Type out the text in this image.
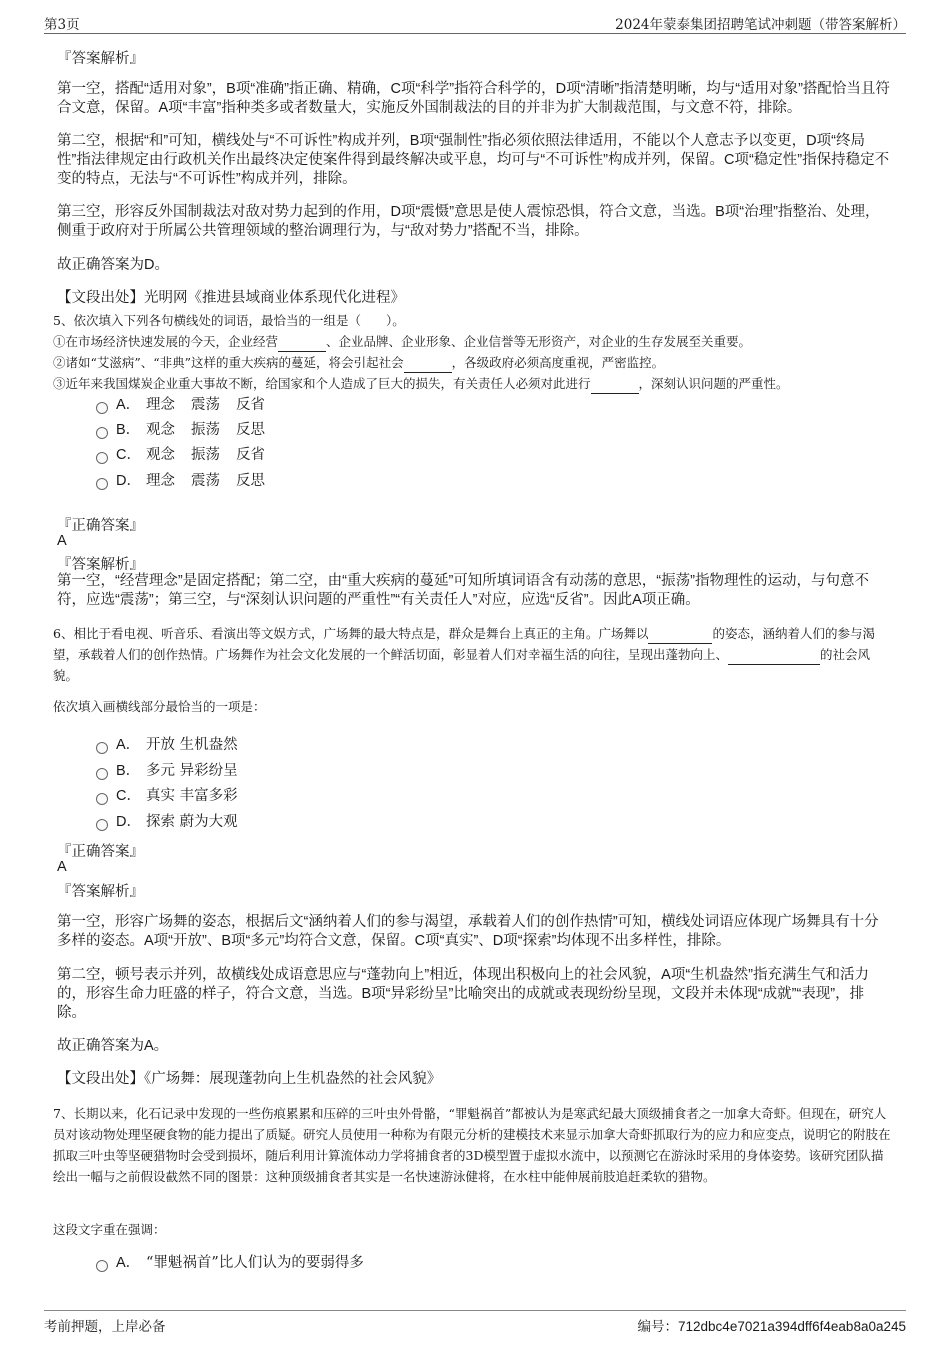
第3页	2024年蒙泰集团招聘笔试冲刺题（带答案解析）
『答案解析』
第一空，搭配“适用对象”，B项“准确”指正确、精确，C项“科学”指符合科学的，D项“清晰”指清楚明晰，均与“适用对象”搭配恰当且符合文意，保留。A项“丰富”指种类多或者数量大，实施反外国制裁法的目的并非为扩大制裁范围，与文意不符，排除。
第二空，根据“和”可知，横线处与“不可诉性”构成并列，B项“强制性”指必须依照法律适用，不能以个人意志予以变更，D项“终局性”指法律规定由行政机关作出最终决定使案件得到最终解决或平息，均可与“不可诉性”构成并列，保留。C项“稳定性”指保持稳定不变的特点，无法与“不可诉性”构成并列，排除。
第三空，形容反外国制裁法对敌对势力起到的作用，D项“震慑”意思是使人震惊恐惧，符合文意，当选。B项“治理”指整治、处理，侧重于政府对于所属公共管理领域的整治调理行为，与“敌对势力”搭配不当，排除。
故正确答案为D。
【文段出处】光明网《推进县域商业体系现代化进程》
5、依次填入下列各句横线处的词语，最恰当的一组是（　　）。
①在市场经济快速发展的今天，企业经营	、企业品牌、企业形象、企业信誉等无形资产，对企业的生存发展至关重要。
②诸如“艾滋病”、“非典”这样的重大疾病的蔓延，将会引起社会	，各级政府必须高度重视，严密监控。
③近年来我国煤炭企业重大事故不断，给国家和个人造成了巨大的损失，有关责任人必须对此进行	，深刻认识问题的严重性。
A． 理念 震荡 反省
B． 观念 振荡 反思
C． 观念 振荡 反省
D． 理念 震荡 反思
『正确答案』
A
『答案解析』
第一空，“经营理念”是固定搭配；第二空，由“重大疾病的蔓延”可知所填词语含有动荡的意思，“振荡”指物理性的运动，与句意不符，应选“震荡”；第三空，与“深刻认识问题的严重性”“有关责任人”对应，应选“反省”。因此A项正确。
6、相比于看电视、听音乐、看演出等文娱方式，广场舞的最大特点是，群众是舞台上真正的主角。广场舞以	的姿态，涵纳着人们的参与渴望，承载着人们的创作热情。广场舞作为社会文化发展的一个鲜活切面，彰显着人们对幸福生活的向往，呈现出蓬勃向上、	的社会风貌。
依次填入画横线部分最恰当的一项是：
A． 开放 生机盎然
B． 多元 异彩纷呈
C． 真实 丰富多彩
D． 探索 蔚为大观
『正确答案』
A
『答案解析』
第一空，形容广场舞的姿态，根据后文“涵纳着人们的参与渴望，承载着人们的创作热情”可知，横线处词语应体现广场舞具有十分多样的姿态。A项“开放”、B项“多元”均符合文意，保留。C项“真实”、D项“探索”均体现不出多样性，排除。
第二空，顿号表示并列，故横线处成语意思应与“蓬勃向上”相近，体现出积极向上的社会风貌，A项“生机盎然”指充满生气和活力的，形容生命力旺盛的样子，符合文意，当选。B项“异彩纷呈”比喻突出的成就或表现纷纷呈现，文段并未体现“成就”“表现”，排除。
故正确答案为A。
【文段出处】《广场舞：展现蓬勃向上生机盎然的社会风貌》
7、长期以来，化石记录中发现的一些伤痕累累和压碎的三叶虫外骨骼，“罪魁祸首”都被认为是寒武纪最大顶级捕食者之一加拿大奇虾。但现在，研究人员对该动物处理坚硬食物的能力提出了质疑。研究人员使用一种称为有限元分析的建模技术来显示加拿大奇虾抓取行为的应力和应变点，说明它的附肢在抓取三叶虫等坚硬猎物时会受到损坏，随后利用计算流体动力学将捕食者的3D模型置于虚拟水流中，以预测它在游泳时采用的身体姿势。该研究团队描绘出一幅与之前假设截然不同的图景：这种顶级捕食者其实是一名快速游泳健将，在水柱中能伸展前肢追赶柔软的猎物。
这段文字重在强调：
A． “罪魁祸首”比人们认为的要弱得多
考前押题，上岸必备	编号：712dbc4e7021a394dff6f4eab8a0a245
